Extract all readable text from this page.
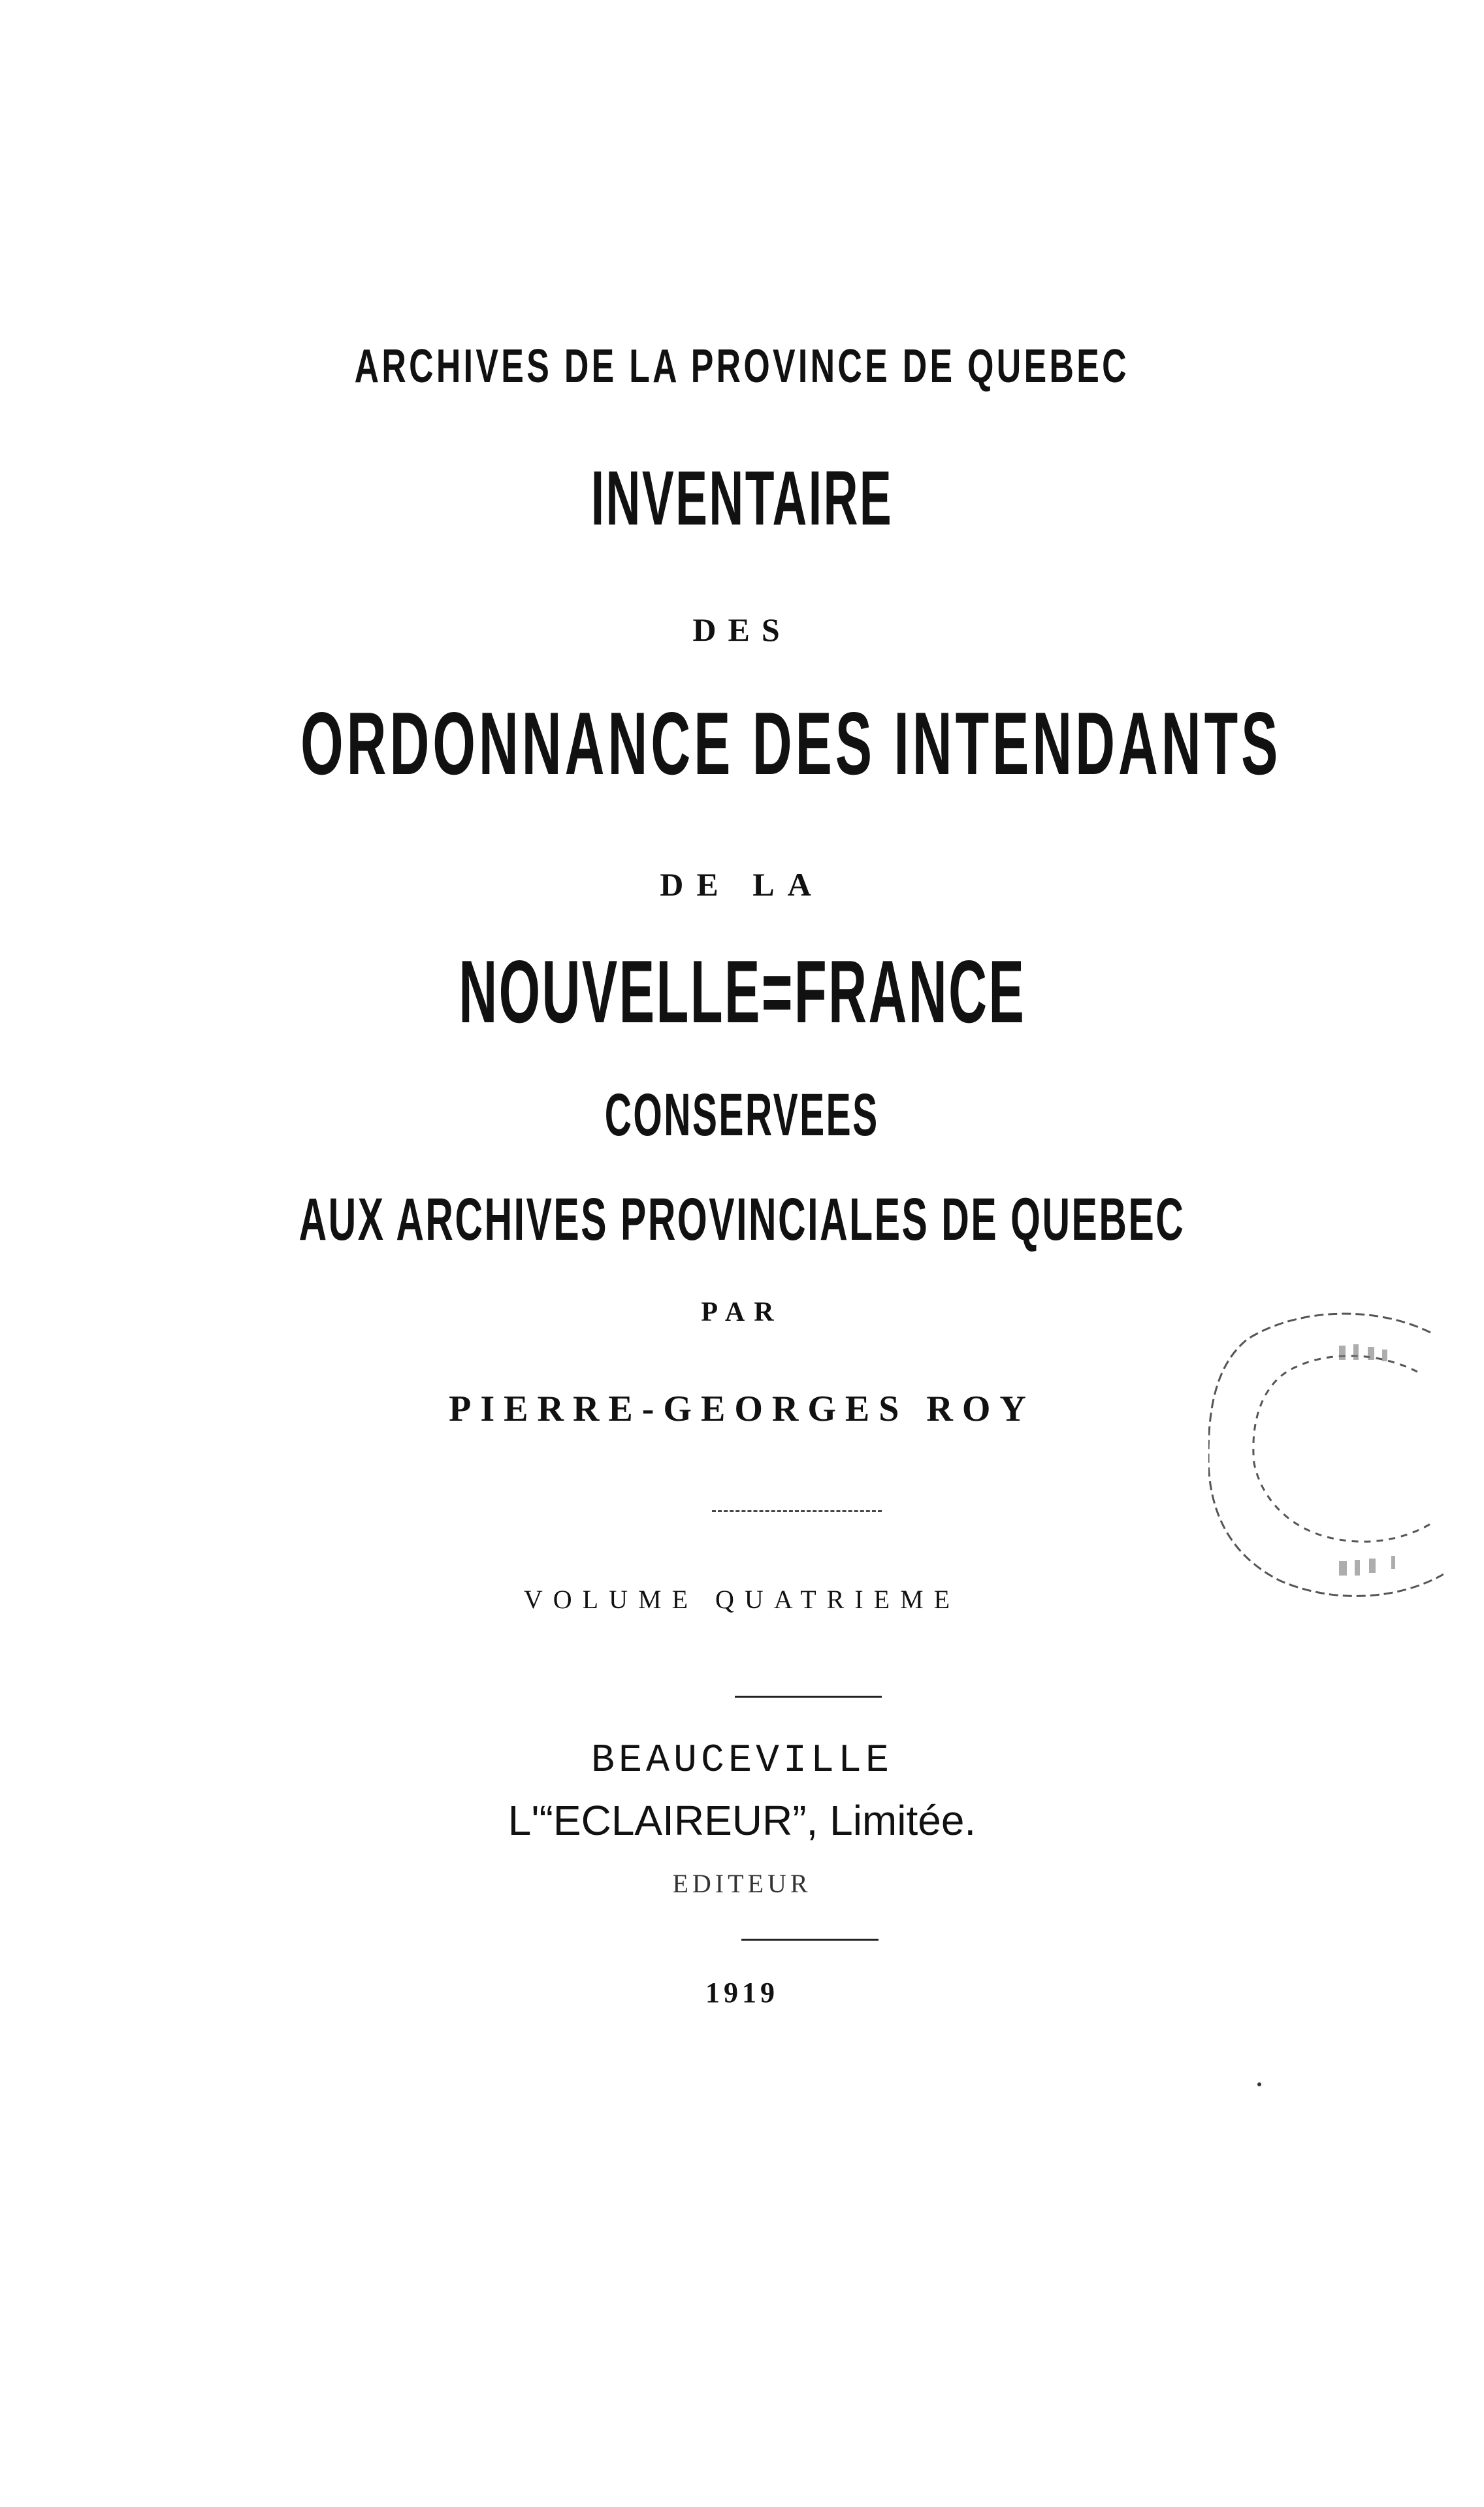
ARCHIVES DE LA PROVINCE DE QUEBEC
INVENTAIRE
DES
ORDONNANCE DES INTENDANTS
DE LA
NOUVELLE=FRANCE
CONSERVEES
AUX ARCHIVES PROVINCIALES DE QUEBEC
PAR
PIERRE-GEORGES ROY
VOLUME QUATRIEME
BEAUCEVILLE
L'“ECLAIREUR”, Limitée.
EDITEUR
1919
